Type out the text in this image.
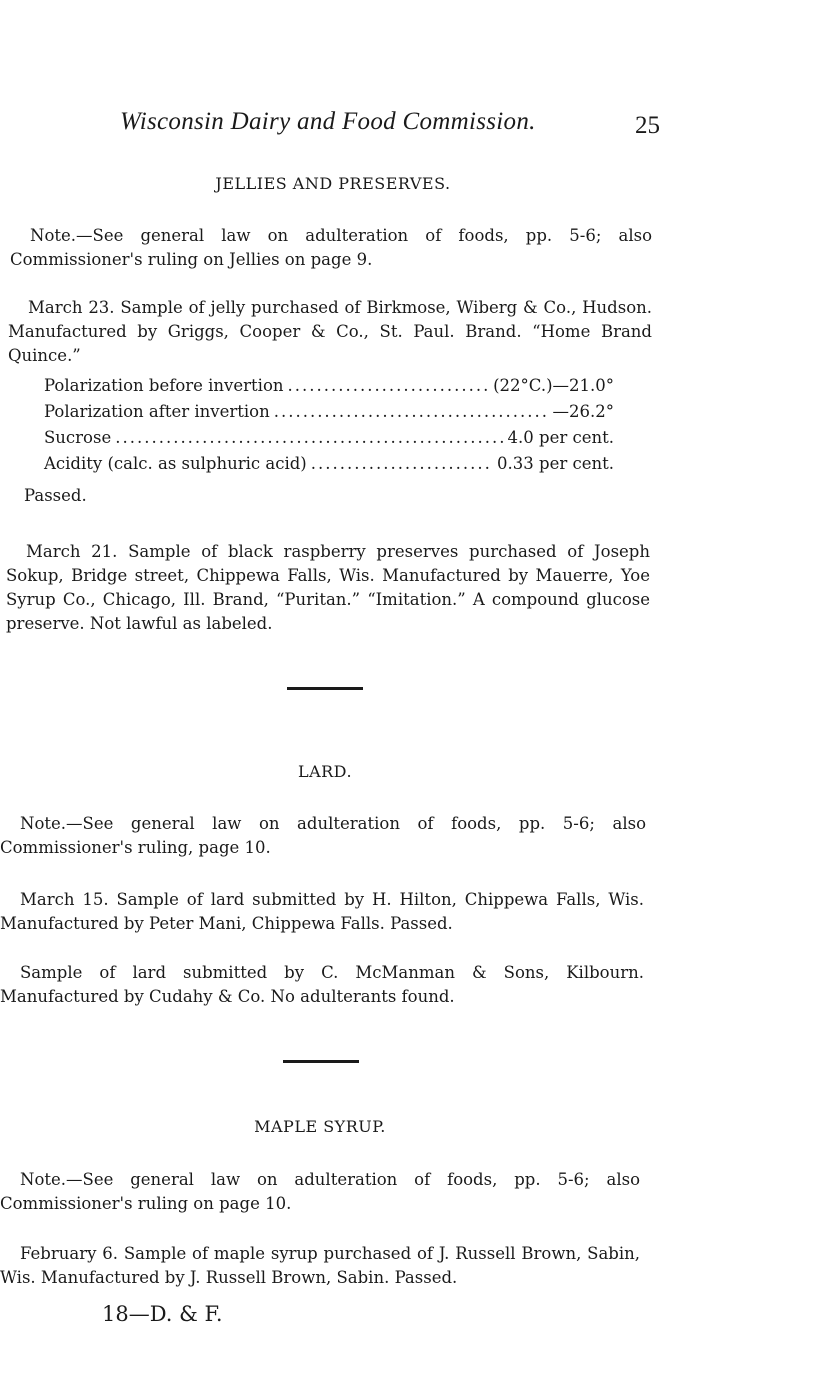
Wisconsin Dairy and Food Commission.	25
JELLIES AND PRESERVES.
Note.—See general law on adulteration of foods, pp. 5-6; also Commissioner's ruling on Jellies on page 9.
March 23. Sample of jelly purchased of Birkmose, Wiberg & Co., Hudson. Manufactured by Griggs, Cooper & Co., St. Paul. Brand. “Home Brand Quince.”
Polarization before invertion .....	(22°C.)—21.0°
Polarization after invertion .....	—26.2°
Sucrose .....	4.0 per cent.
Acidity (calc. as sulphuric acid) .....	0.33 per cent.
Passed.
March 21. Sample of black raspberry preserves purchased of Joseph Sokup, Bridge street, Chippewa Falls, Wis. Manufactured by Mauerre, Yoe Syrup Co., Chicago, Ill. Brand, “Puritan.” “Imitation.” A compound glucose preserve. Not lawful as labeled.
LARD.
Note.—See general law on adulteration of foods, pp. 5-6; also Commissioner's ruling, page 10.
March 15. Sample of lard submitted by H. Hilton, Chippewa Falls, Wis. Manufactured by Peter Mani, Chippewa Falls. Passed.
Sample of lard submitted by C. McManman & Sons, Kilbourn. Manufactured by Cudahy & Co. No adulterants found.
MAPLE SYRUP.
Note.—See general law on adulteration of foods, pp. 5-6; also Commissioner's ruling on page 10.
February 6. Sample of maple syrup purchased of J. Russell Brown, Sabin, Wis. Manufactured by J. Russell Brown, Sabin. Passed.
18—D. & F.
